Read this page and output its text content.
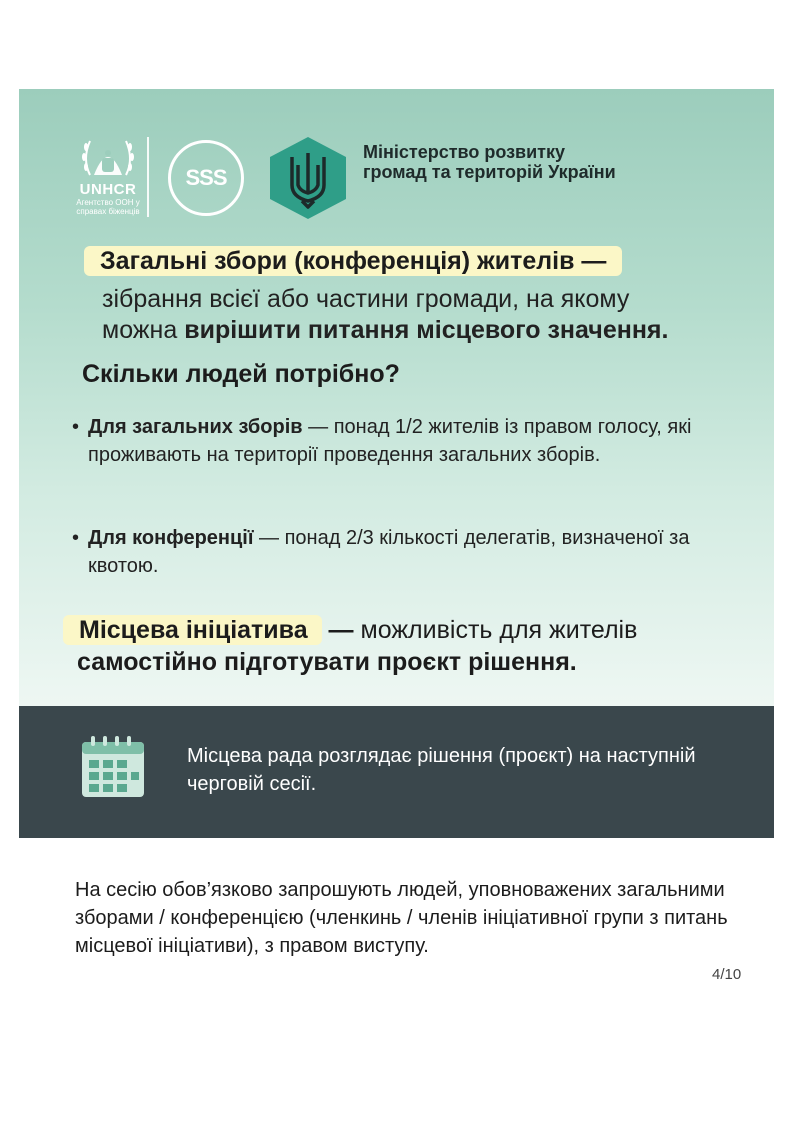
UNHCR
Агентство ООН у справах біженців
SSS
Міністерство розвитку громад та територій України
Загальні збори (конференція) жителів —
зібрання всієї або частини громади, на якому
можна вирішити питання місцевого значення.
Скільки людей потрібно?
• Для загальних зборів — понад 1/2 жителів із правом голосу, які проживають на території проведення загальних зборів.
• Для конференції — понад 2/3 кількості делегатів, визначеної за квотою.
Місцева ініціатива — можливість для жителів
самостійно підготувати проєкт рішення.
Місцева рада розглядає рішення (проєкт) на наступній черговій сесії.
На сесію обов’язково запрошують людей, уповноважених загальними зборами / конференцією (членкинь / членів ініціативної групи з питань місцевої ініціативи), з правом виступу.
4/10
